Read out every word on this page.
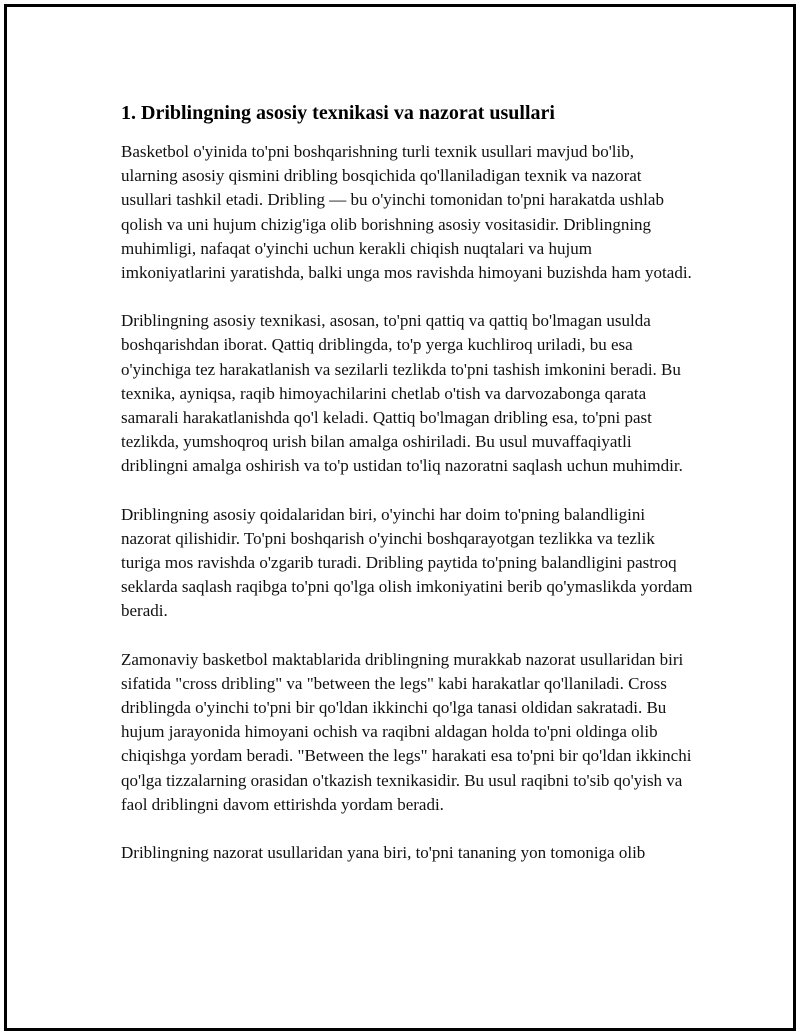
1. Driblingning asosiy texnikasi va nazorat usullari

Basketbol o'yinida to'pni boshqarishning turli texnik usullari mavjud bo'lib, ularning asosiy qismini dribling bosqichida qo'llaniladigan texnik va nazorat usullari tashkil etadi. Dribling — bu o'yinchi tomonidan to'pni harakatda ushlab qolish va uni hujum chizig'iga olib borishning asosiy vositasidir. Driblingning muhimligi, nafaqat o'yinchi uchun kerakli chiqish nuqtalari va hujum imkoniyatlarini yaratishda, balki unga mos ravishda himoyani buzishda ham yotadi.

Driblingning asosiy texnikasi, asosan, to'pni qattiq va qattiq bo'lmagan usulda boshqarishdan iborat. Qattiq driblingda, to'p yerga kuchliroq uriladi, bu esa o'yinchiga tez harakatlanish va sezilarli tezlikda to'pni tashish imkonini beradi. Bu texnika, ayniqsa, raqib himoyachilarini chetlab o'tish va darvozabonga qarata samarali harakatlanishda qo'l keladi. Qattiq bo'lmagan dribling esa, to'pni past tezlikda, yumshoqroq urish bilan amalga oshiriladi. Bu usul muvaffaqiyatli driblingni amalga oshirish va to'p ustidan to'liq nazoratni saqlash uchun muhimdir.

Driblingning asosiy qoidalaridan biri, o'yinchi har doim to'pning balandligini nazorat qilishidir. To'pni boshqarish o'yinchi boshqarayotgan tezlikka va tezlik turiga mos ravishda o'zgarib turadi. Dribling paytida to'pning balandligini pastroq seklarda saqlash raqibga to'pni qo'lga olish imkoniyatini berib qo'ymaslikda yordam beradi.

Zamonaviy basketbol maktablarida driblingning murakkab nazorat usullaridan biri sifatida "cross dribling" va "between the legs" kabi harakatlar qo'llaniladi. Cross driblingda o'yinchi to'pni bir qo'ldan ikkinchi qo'lga tanasi oldidan sakratadi. Bu hujum jarayonida himoyani ochish va raqibni aldagan holda to'pni oldinga olib chiqishga yordam beradi. "Between the legs" harakati esa to'pni bir qo'ldan ikkinchi qo'lga tizzalarning orasidan o'tkazish texnikasidir. Bu usul raqibni to'sib qo'yish va faol driblingni davom ettirishda yordam beradi.

Driblingning nazorat usullaridan yana biri, to'pni tananing yon tomoniga olib
